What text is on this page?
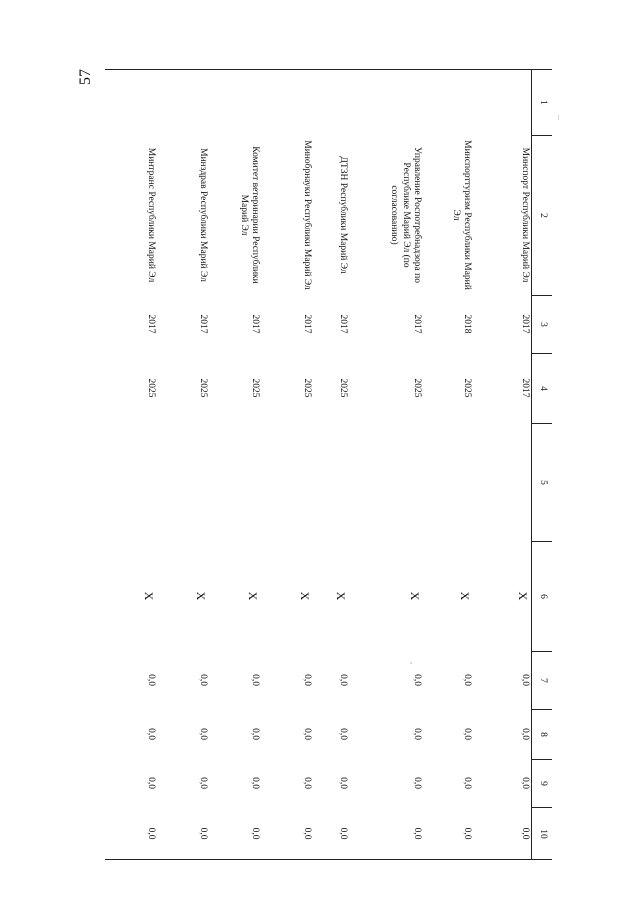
57
1
2
3
4
5
6
7
8
9
10
Минспорт Республики Марий Эл
2017
2017
X
0,0
0,0
0,0
0,0
Минспорттуризм Республики Марий Эл
2018
2025
X
0,0
0,0
0,0
0,0
Управление Роспотребнадзора по Республике Марий Эл (по согласованию)
2017
2025
X
0,0
0,0
0,0
0,0
ДТЗН Республики Марий Эл
2017
2025
X
0,0
0,0
0,0
0,0
Минобрнауки Республики Марий Эл
2017
2025
X
0,0
0,0
0,0
0,0
Комитет ветеринарии Республики Марий Эл
2017
2025
X
0,0
0,0
0,0
0,0
Минздрав Республики Марий Эл
2017
2025
X
0,0
0,0
0,0
0,0
Минтранс Республики Марий Эл
2017
2025
X
0,0
0,0
0,0
0,0
